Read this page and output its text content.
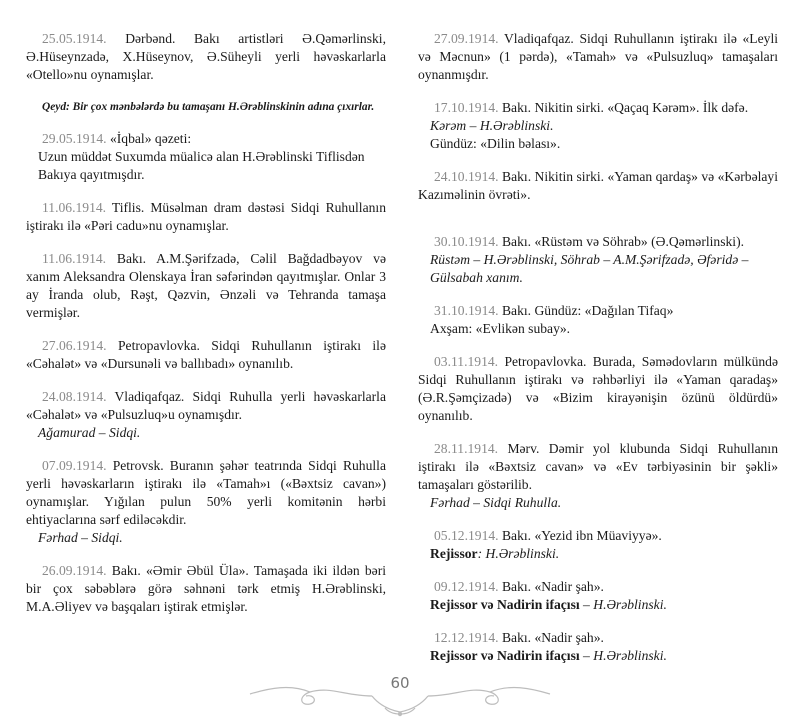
25.05.1914. Dərbənd. Bakı artistləri Ə.Qəmərlinski, Ə.Hüseynzadə, X.Hüseynov, Ə.Süheyli yerli həvəskarlarla «Otello»nu oynamışlar.
Qeyd: Bir çox mənbələrdə bu tamaşanı H.Ərəblinskinin adına çıxırlar.
29.05.1914. «İqbal» qəzeti:
Uzun müddət Suxumda müalicə alan H.Ərəblinski Tiflisdən Bakıya qayıtmışdır.
11.06.1914. Tiflis. Müsəlman dram dəstəsi Sidqi Ruhullanın iştirakı ilə «Pəri cadu»nu oynamışlar.
11.06.1914. Bakı. A.M.Şərifzadə, Cəlil Bağdadbəyov və xanım Aleksandra Olenskaya İran səfərindən qayıtmışlar. Onlar 3 ay İranda olub, Rəşt, Qəzvin, Ənzəli və Tehranda tamaşa vermişlər.
27.06.1914. Petropavlovka. Sidqi Ruhullanın iştirakı ilə «Cəhalət» və «Dursunəli və ballıbadı» oynanılıb.
24.08.1914. Vladiqafqaz. Sidqi Ruhulla yerli həvəskarlarla «Cəhalət» və «Pulsuzluq»u oynamışdır.
Ağamurad – Sidqi.
07.09.1914. Petrovsk. Buranın şəhər teatrında Sidqi Ruhulla yerli həvəskarların iştirakı ilə «Tamah»ı («Bəxtsiz cavan») oynamışlar. Yığılan pulun 50% yerli komitənin hərbi ehtiyaclarına sərf ediləcəkdir.
Fərhad – Sidqi.
26.09.1914. Bakı. «Əmir Əbül Üla». Tamaşada iki ildən bəri bir çox səbəblərə görə səhnəni tərk etmiş H.Ərəblinski, M.A.Əliyev və başqaları iştirak etmişlər.
27.09.1914. Vladiqafqaz. Sidqi Ruhullanın iştirakı ilə «Leyli və Məcnun» (1 pərdə), «Tamah» və «Pulsuzluq» tamaşaları oynanmışdır.
17.10.1914. Bakı. Nikitin sirki. «Qaçaq Kərəm». İlk dəfə.
Kərəm – H.Ərəblinski.
Gündüz: «Dilin bəlası».
24.10.1914. Bakı. Nikitin sirki. «Yaman qardaş» və «Kərbəlayi Kazıməlinin övrəti».
30.10.1914. Bakı. «Rüstəm və Söhrab» (Ə.Qəmərlinski).
Rüstəm – H.Ərəblinski, Söhrab – A.M.Şərifzadə, Əfəridə – Gülsabah xanım.
31.10.1914. Bakı. Gündüz: «Dağılan Tifaq»
Axşam: «Evlikən subay».
03.11.1914. Petropavlovka. Burada, Səmədovların mülkündə Sidqi Ruhullanın iştirakı və rəhbərliyi ilə «Yaman qaradaş» (Ə.R.Şəmçizadə) və «Bizim kirayənişin özünü öldürdü» oynanılıb.
28.11.1914. Mərv. Dəmir yol klubunda Sidqi Ruhullanın iştirakı ilə «Bəxtsiz cavan» və «Ev tərbiyəsinin bir şəkli» tamaşaları göstərilib.
Fərhad – Sidqi Ruhulla.
05.12.1914. Bakı. «Yezid ibn Müaviyyə».
Rejissor: H.Ərəblinski.
09.12.1914. Bakı. «Nadir şah».
Rejissor və Nadirin ifaçısı – H.Ərəblinski.
12.12.1914. Bakı. «Nadir şah».
Rejissor və Nadirin ifaçısı – H.Ərəblinski.
60
